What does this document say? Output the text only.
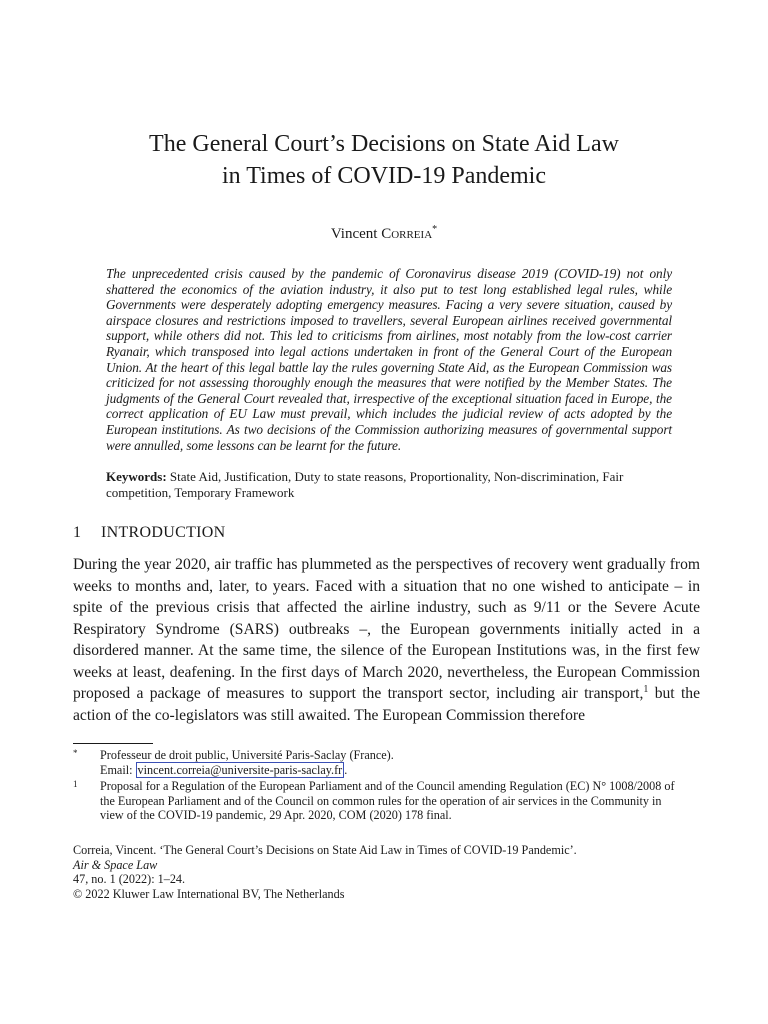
The General Court’s Decisions on State Aid Law
in Times of COVID-19 Pandemic
Vincent Correia*

The unprecedented crisis caused by the pandemic of Coronavirus disease 2019 (COVID-19) not only shattered the economics of the aviation industry, it also put to test long established legal rules, while Governments were desperately adopting emergency measures. Facing a very severe situation, caused by airspace closures and restrictions imposed to travellers, several European airlines received governmental support, while others did not. This led to criticisms from airlines, most notably from the low-cost carrier Ryanair, which transposed into legal actions undertaken in front of the General Court of the European Union. At the heart of this legal battle lay the rules governing State Aid, as the European Commission was criticized for not assessing thoroughly enough the measures that were notified by the Member States. The judgments of the General Court revealed that, irrespective of the exceptional situation faced in Europe, the correct application of EU Law must prevail, which includes the judicial review of acts adopted by the European institutions. As two decisions of the Commission authorizing measures of governmental support were annulled, some lessons can be learnt for the future.

Keywords: State Aid, Justification, Duty to state reasons, Proportionality, Non-discrimination, Fair competition, Temporary Framework

1 INTRODUCTION

During the year 2020, air traffic has plummeted as the perspectives of recovery went gradually from weeks to months and, later, to years. Faced with a situation that no one wished to anticipate – in spite of the previous crisis that affected the airline industry, such as 9/11 or the Severe Acute Respiratory Syndrome (SARS) outbreaks –, the European governments initially acted in a disordered manner. At the same time, the silence of the European Institutions was, in the first few weeks at least, deafening. In the first days of March 2020, nevertheless, the European Commission proposed a package of measures to support the transport sector, including air transport,$^1$ but the action of the co-legislators was still awaited. The European Commission therefore

* Professeur de droit public, Université Paris-Saclay (France).
Email: vincent.correia@universite-paris-saclay.fr .
1 Proposal for a Regulation of the European Parliament and of the Council amending Regulation (EC) N° 1008/2008 of the European Parliament and of the Council on common rules for the operation of air services in the Community in view of the COVID-19 pandemic, 29 Apr. 2020, COM (2020) 178 final.

Correia, Vincent. ‘The General Court’s Decisions on State Aid Law in Times of COVID-19 Pandemic’.
Air & Space Law
47, no. 1 (2022): 1–24.
© 2022 Kluwer Law International BV, The Netherlands
